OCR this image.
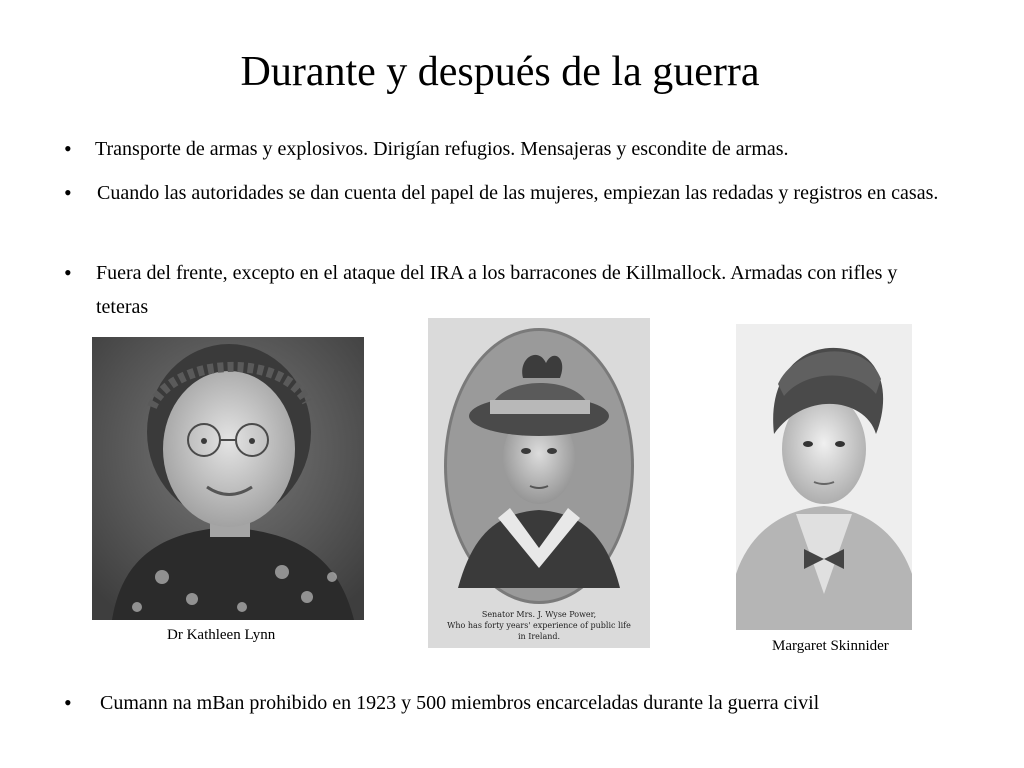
Durante y después de la guerra
•	Transporte de armas y explosivos. Dirigían refugios. Mensajeras y escondite de armas.
•	Cuando las autoridades se dan cuenta del papel de las mujeres, empiezan las redadas y registros en casas.
•	Fuera del frente, excepto en el ataque del IRA a los barracones de Killmallock. Armadas con rifles y teteras
Dr Kathleen Lynn
Senator Mrs. J. Wyse Power,
Who has forty years' experience of public life
in Ireland.
Margaret Skinnider
•	Cumann na mBan prohibido en 1923 y 500 miembros encarceladas durante la guerra civil
